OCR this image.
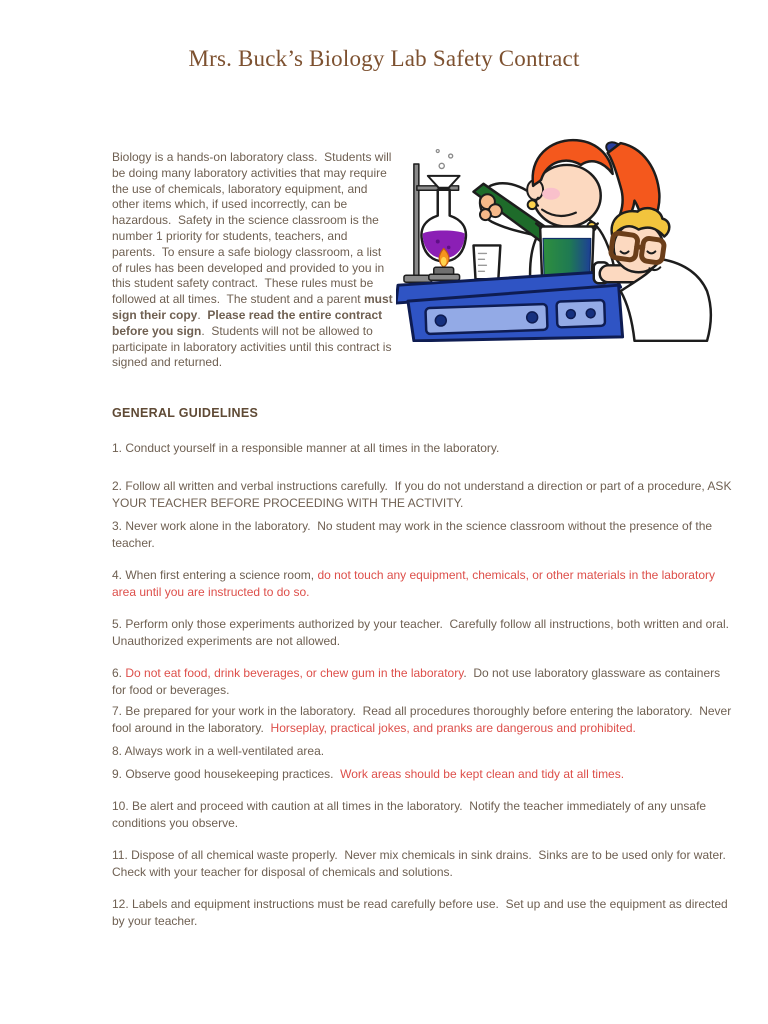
Mrs. Buck’s Biology Lab Safety Contract

Biology is a hands-on laboratory class.  Students will be doing many laboratory activities that may require the use of chemicals, laboratory equipment, and other items which, if used incorrectly, can be hazardous.  Safety in the science classroom is the number 1 priority for students, teachers, and parents.  To ensure a safe biology classroom, a list of rules has been developed and provided to you in this student safety contract.  These rules must be followed at all times.  The student and a parent must sign their copy.  Please read the entire contract before you sign.  Students will not be allowed to participate in laboratory activities until this contract is signed and returned.

GENERAL GUIDELINES

1. Conduct yourself in a responsible manner at all times in the laboratory.

2. Follow all written and verbal instructions carefully.  If you do not understand a direction or part of a procedure, ASK YOUR TEACHER BEFORE PROCEEDING WITH THE ACTIVITY.

3. Never work alone in the laboratory.  No student may work in the science classroom without the presence of the teacher.

4. When first entering a science room, do not touch any equipment, chemicals, or other materials in the laboratory area until you are instructed to do so.

5. Perform only those experiments authorized by your teacher.  Carefully follow all instructions, both written and oral.  Unauthorized experiments are not allowed.

6. Do not eat food, drink beverages, or chew gum in the laboratory.  Do not use laboratory glassware as containers for food or beverages.

7. Be prepared for your work in the laboratory.  Read all procedures thoroughly before entering the laboratory.  Never fool around in the laboratory.  Horseplay, practical jokes, and pranks are dangerous and prohibited.

8. Always work in a well-ventilated area.

9. Observe good housekeeping practices.  Work areas should be kept clean and tidy at all times.

10. Be alert and proceed with caution at all times in the laboratory.  Notify the teacher immediately of any unsafe conditions you observe.

11. Dispose of all chemical waste properly.  Never mix chemicals in sink drains.  Sinks are to be used only for water. Check with your teacher for disposal of chemicals and solutions.

12. Labels and equipment instructions must be read carefully before use.  Set up and use the equipment as directed by your teacher.
